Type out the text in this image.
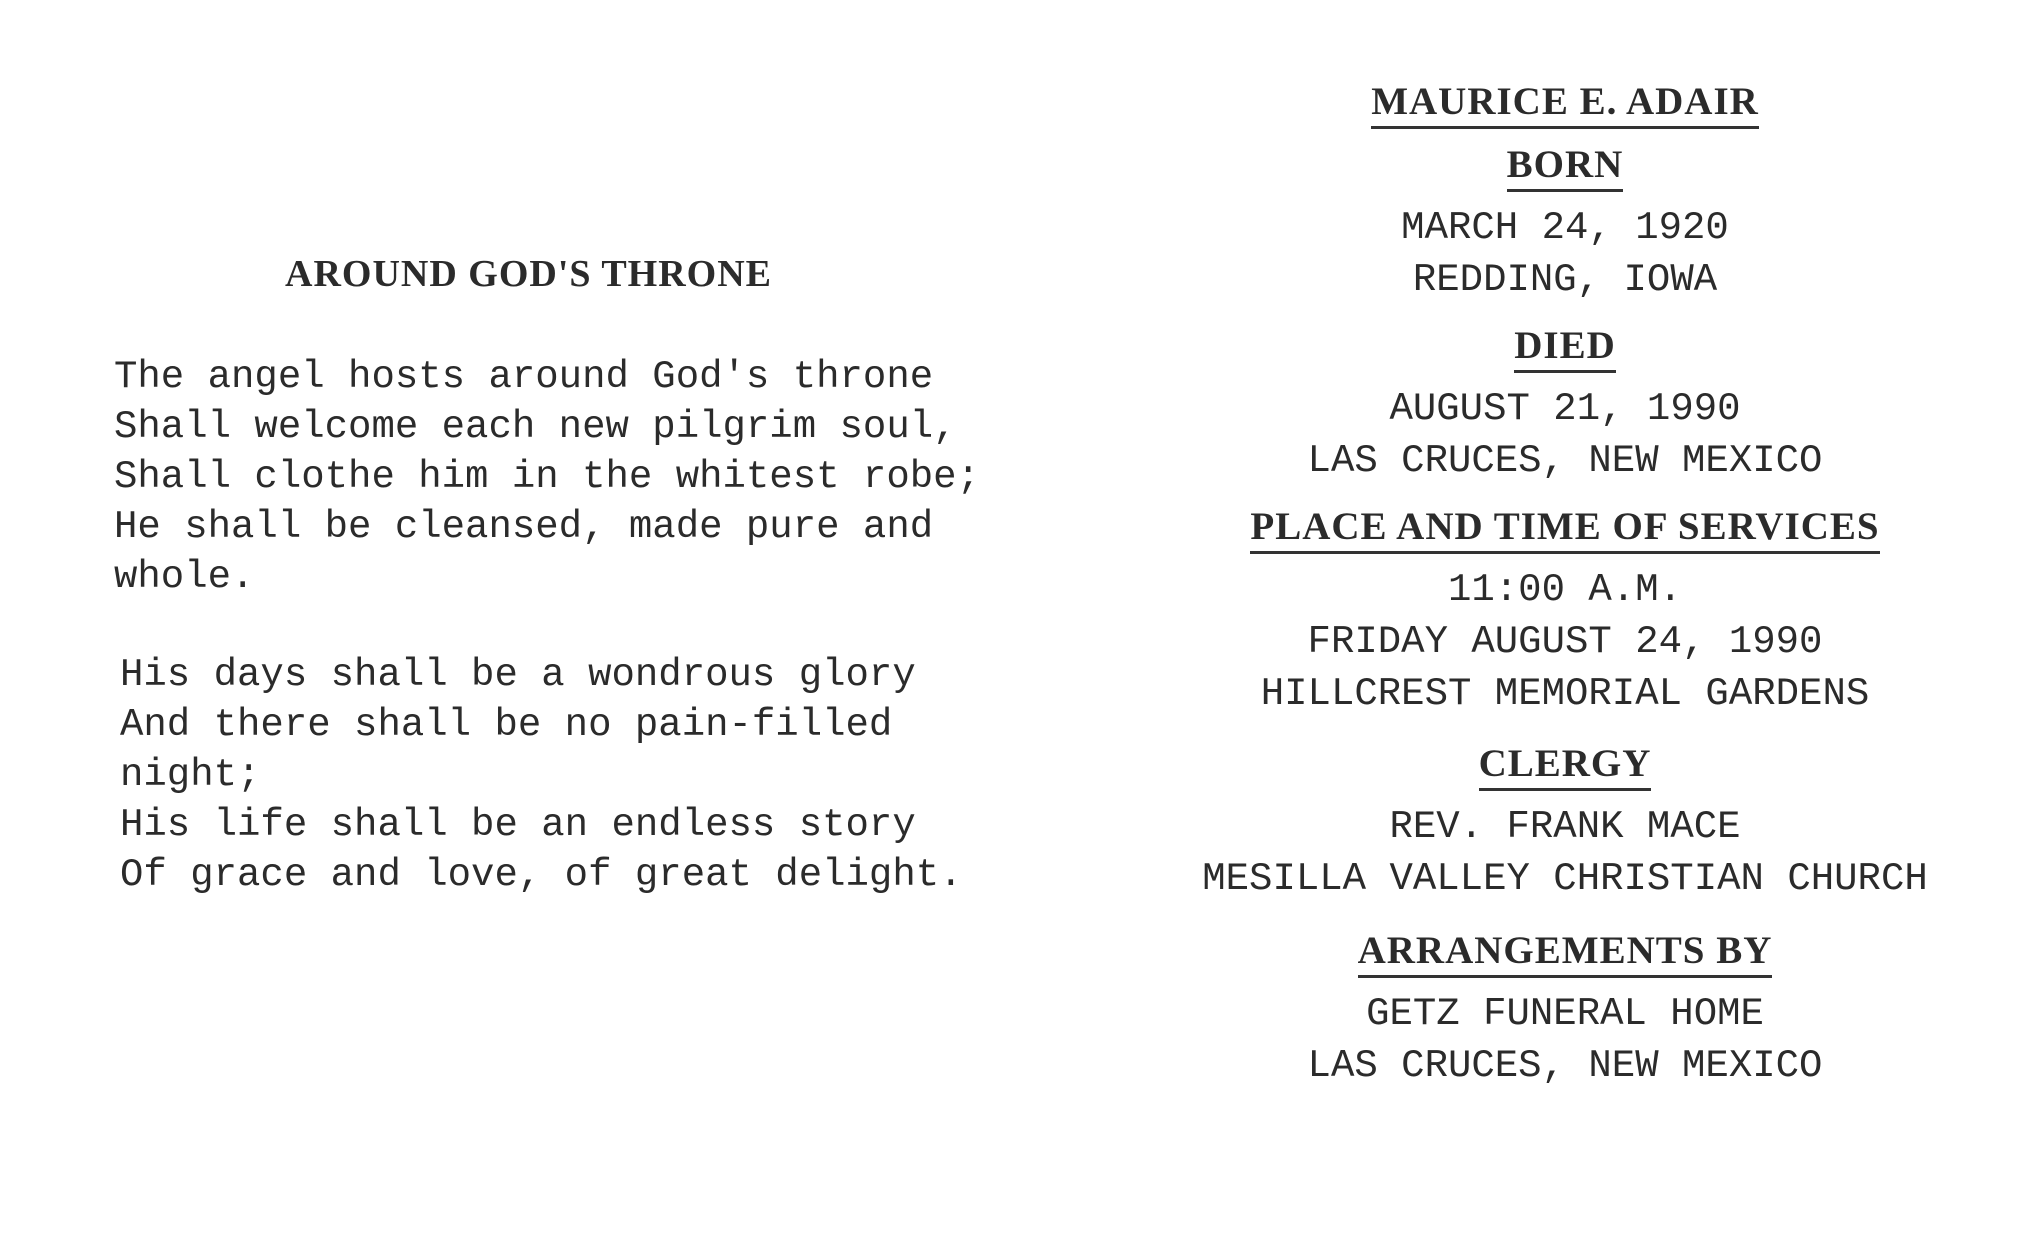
AROUND GOD'S THRONE
The angel hosts around God's throne
Shall welcome each new pilgrim soul,
Shall clothe him in the whitest robe;
He shall be cleansed, made pure and
whole.
His days shall be a wondrous glory
And there shall be no pain-filled
night;
His life shall be an endless story
Of grace and love, of great delight.
MAURICE E. ADAIR
BORN
MARCH 24, 1920
REDDING, IOWA
DIED
AUGUST 21, 1990
LAS CRUCES, NEW MEXICO
PLACE AND TIME OF SERVICES
11:00 A.M.
FRIDAY AUGUST 24, 1990
HILLCREST MEMORIAL GARDENS
CLERGY
REV. FRANK MACE
MESILLA VALLEY CHRISTIAN CHURCH
ARRANGEMENTS BY
GETZ FUNERAL HOME
LAS CRUCES, NEW MEXICO
